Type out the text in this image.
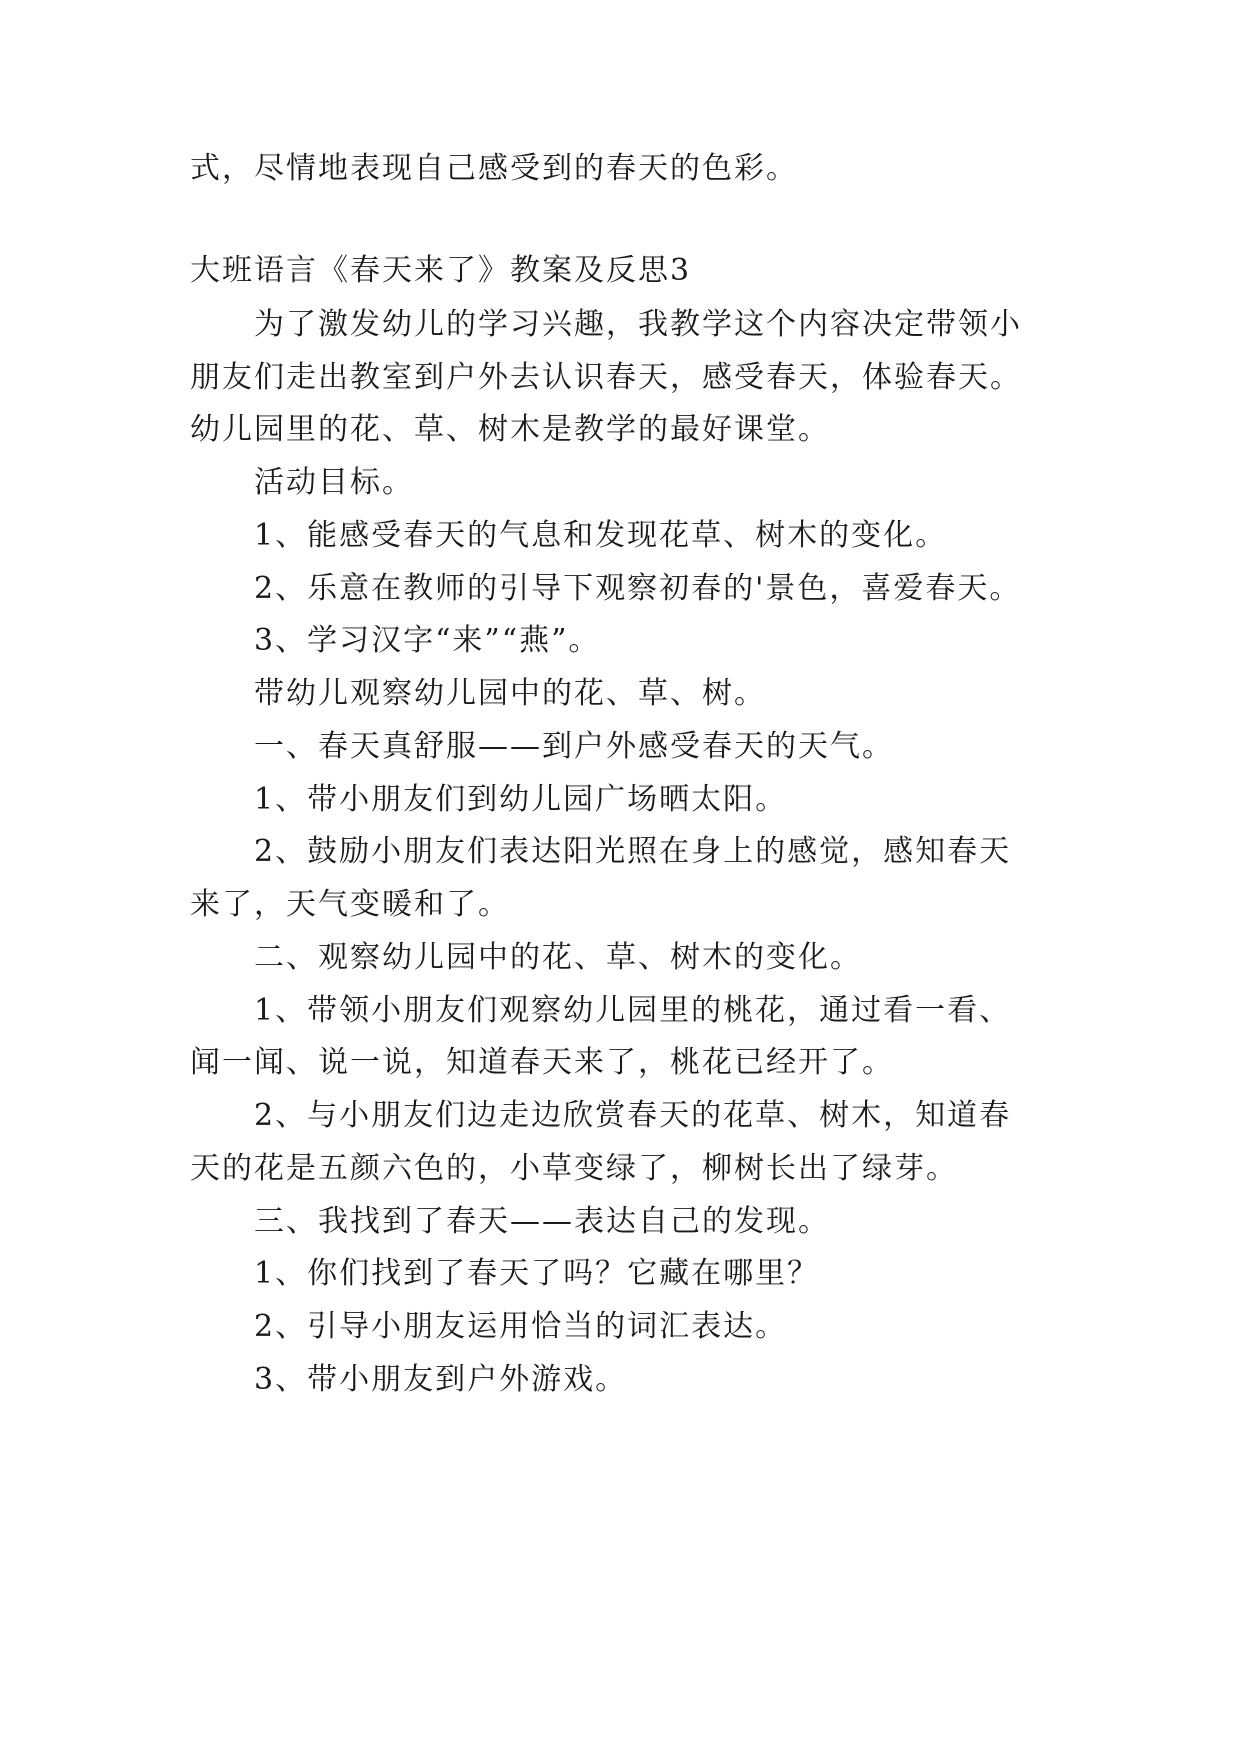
式，尽情地表现自己感受到的春天的色彩。
大班语言《春天来了》教案及反思3
为了激发幼儿的学习兴趣，我教学这个内容决定带领小
朋友们走出教室到户外去认识春天，感受春天，体验春天。
幼儿园里的花、草、树木是教学的最好课堂。
活动目标。
1、能感受春天的气息和发现花草、树木的变化。
2、乐意在教师的引导下观察初春的'景色，喜爱春天。
3、学习汉字“来”“燕”。
带幼儿观察幼儿园中的花、草、树。
一、春天真舒服——到户外感受春天的天气。
1、带小朋友们到幼儿园广场晒太阳。
2、鼓励小朋友们表达阳光照在身上的感觉，感知春天
来了，天气变暖和了。
二、观察幼儿园中的花、草、树木的变化。
1、带领小朋友们观察幼儿园里的桃花，通过看一看、
闻一闻、说一说，知道春天来了，桃花已经开了。
2、与小朋友们边走边欣赏春天的花草、树木，知道春
天的花是五颜六色的，小草变绿了，柳树长出了绿芽。
三、我找到了春天——表达自己的发现。
1、你们找到了春天了吗？它藏在哪里？
2、引导小朋友运用恰当的词汇表达。
3、带小朋友到户外游戏。
